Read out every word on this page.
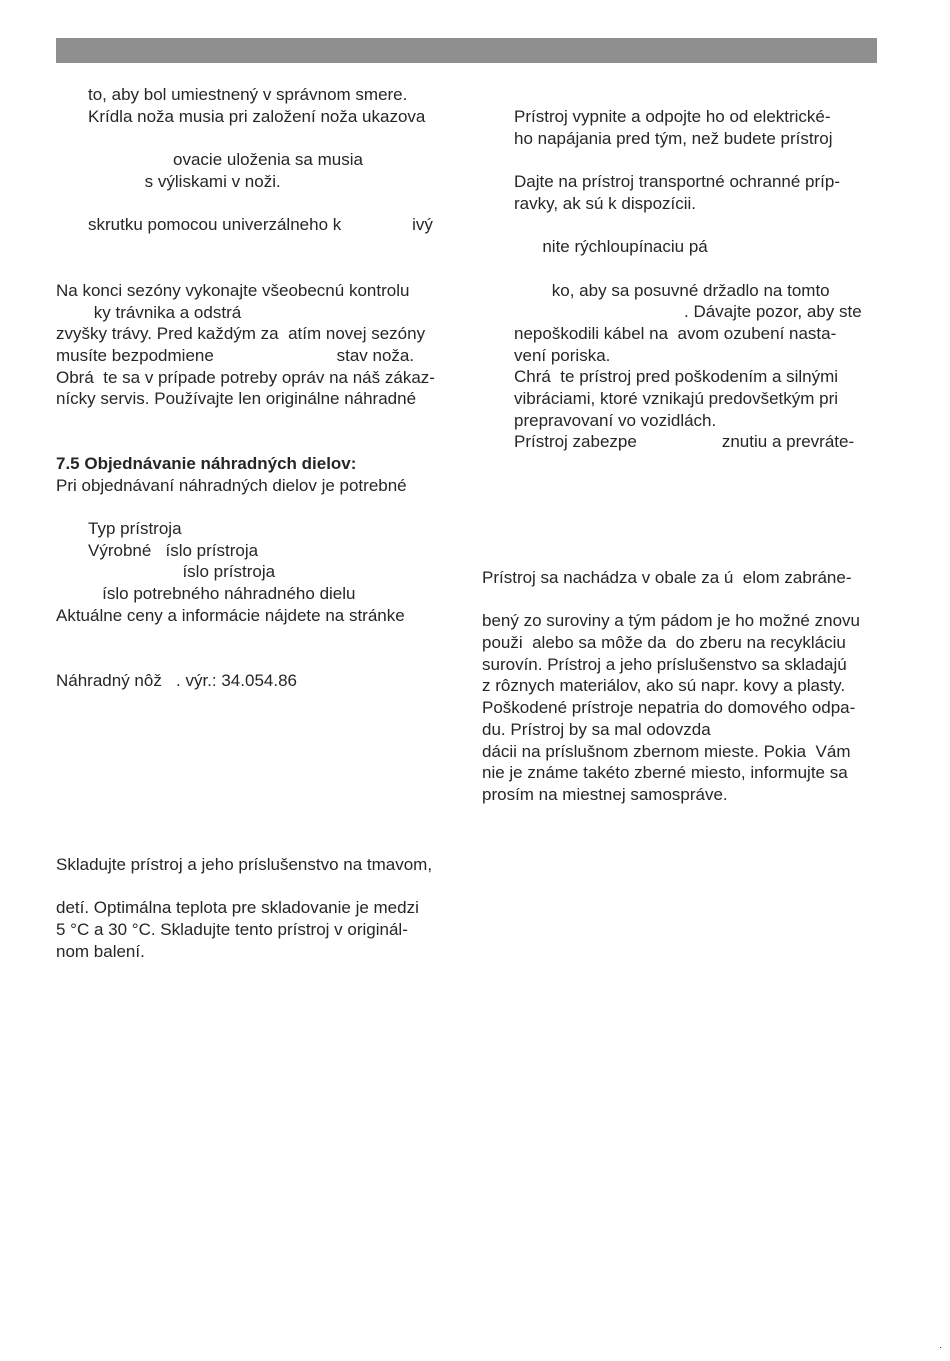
to, aby bol umiestnený v správnom smere.
Krídla noža musia pri založení noža ukazova
ovacie uloženia sa musia
s výliskami v noži.
skrutku pomocou univerzálneho k               ivý
Na konci sezóny vykonajte všeobecnú kontrolu
ky trávnika a odstrá
zvyšky trávy. Pred každým za  atím novej sezóny
musíte bezpodmiene                          stav noža.
Obrá  te sa v prípade potreby opráv na náš zákaz-
nícky servis. Používajte len originálne náhradné
7.5 Objednávanie náhradných dielov:
Pri objednávaní náhradných dielov je potrebné
Typ prístroja
Výrobné   íslo prístroja
íslo prístroja
íslo potrebného náhradného dielu
Aktuálne ceny a informácie nájdete na stránke
Náhradný nôž   . výr.: 34.054.86
Skladujte prístroj a jeho príslušenstvo na tmavom,
detí. Optimálna teplota pre skladovanie je medzi
5 °C a 30 °C. Skladujte tento prístroj v originál-
nom balení.
Prístroj vypnite a odpojte ho od elektrické-
ho napájania pred tým, než budete prístroj
Dajte na prístroj transportné ochranné príp-
ravky, ak sú k dispozícii.
nite rýchloupínaciu pá
ko, aby sa posuvné držadlo na tomto
. Dávajte pozor, aby ste
nepoškodili kábel na  avom ozubení nasta-
vení poriska.
Chrá  te prístroj pred poškodením a silnými
vibráciami, ktoré vznikajú predovšetkým pri
prepravovaní vo vozidlách.
Prístroj zabezpe                  znutiu a prevráte-
Prístroj sa nachádza v obale za ú  elom zabráne-
bený zo suroviny a tým pádom je ho možné znovu
použi  alebo sa môže da  do zberu na recykláciu
surovín. Prístroj a jeho príslušenstvo sa skladajú
z rôznych materiálov, ako sú napr. kovy a plasty.
Poškodené prístroje nepatria do domového odpa-
du. Prístroj by sa mal odovzda
dácii na príslušnom zbernom mieste. Pokia  Vám
nie je známe takéto zberné miesto, informujte sa
prosím na miestnej samospráve.
.
